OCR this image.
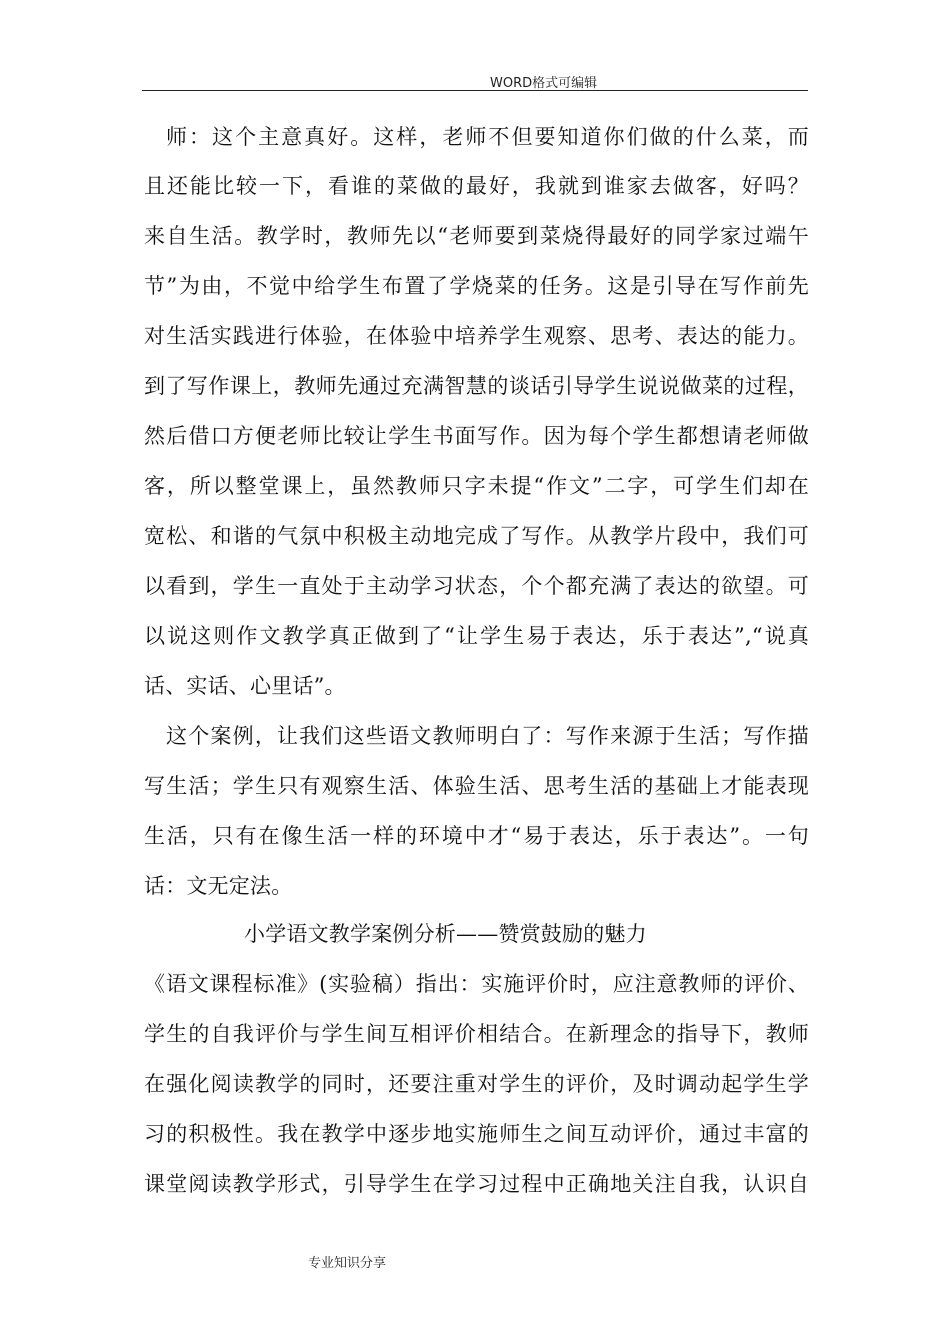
WORD格式可编辑
师：这个主意真好。这样，老师不但要知道你们做的什么菜，而
且还能比较一下，看谁的菜做的最好，我就到谁家去做客，好吗？
来自生活。教学时，教师先以“老师要到菜烧得最好的同学家过端午
节”为由，不觉中给学生布置了学烧菜的任务。这是引导在写作前先
对生活实践进行体验，在体验中培养学生观察、思考、表达的能力。
到了写作课上，教师先通过充满智慧的谈话引导学生说说做菜的过程，
然后借口方便老师比较让学生书面写作。因为每个学生都想请老师做
客，所以整堂课上，虽然教师只字未提“作文”二字，可学生们却在
宽松、和谐的气氛中积极主动地完成了写作。从教学片段中，我们可
以看到，学生一直处于主动学习状态，个个都充满了表达的欲望。可
以说这则作文教学真正做到了“让学生易于表达，乐于表达”,“说真
话、实话、心里话”。
这个案例，让我们这些语文教师明白了：写作来源于生活；写作描
写生活；学生只有观察生活、体验生活、思考生活的基础上才能表现
生活，只有在像生活一样的环境中才“易于表达，乐于表达”。一句
话：文无定法。
小学语文教学案例分析——赞赏鼓励的魅力
《语文课程标准》(实验稿）指出：实施评价时，应注意教师的评价、
学生的自我评价与学生间互相评价相结合。在新理念的指导下，教师
在强化阅读教学的同时，还要注重对学生的评价，及时调动起学生学
习的积极性。我在教学中逐步地实施师生之间互动评价，通过丰富的
课堂阅读教学形式，引导学生在学习过程中正确地关注自我，认识自
专业知识分享
